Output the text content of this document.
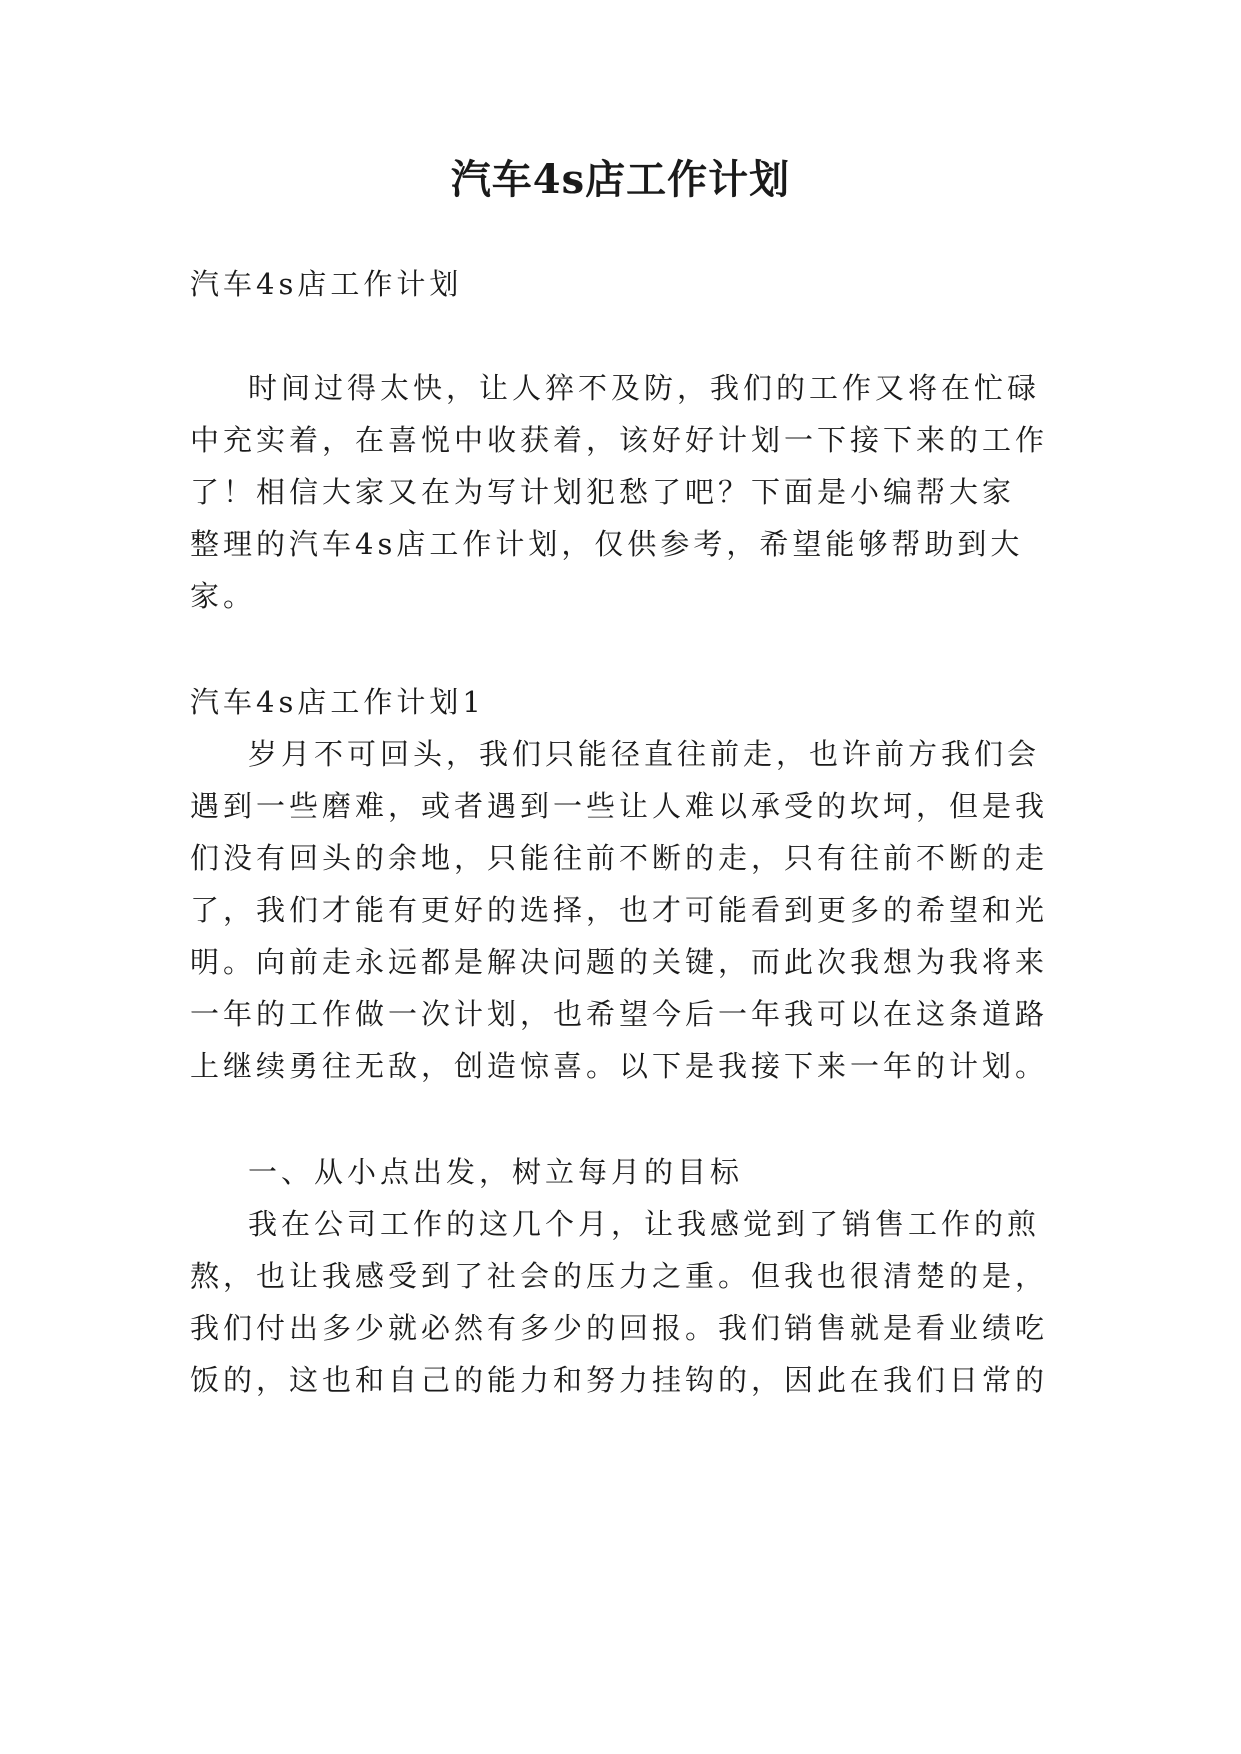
汽车4s店工作计划
汽车4s店工作计划
时间过得太快，让人猝不及防，我们的工作又将在忙碌
中充实着，在喜悦中收获着，该好好计划一下接下来的工作
了！相信大家又在为写计划犯愁了吧？下面是小编帮大家
整理的汽车4s店工作计划，仅供参考，希望能够帮助到大
家。
汽车4s店工作计划1
岁月不可回头，我们只能径直往前走，也许前方我们会
遇到一些磨难，或者遇到一些让人难以承受的坎坷，但是我
们没有回头的余地，只能往前不断的走，只有往前不断的走
了，我们才能有更好的选择，也才可能看到更多的希望和光
明。向前走永远都是解决问题的关键，而此次我想为我将来
一年的工作做一次计划，也希望今后一年我可以在这条道路
上继续勇往无敌，创造惊喜。以下是我接下来一年的计划。
一、从小点出发，树立每月的目标
我在公司工作的这几个月，让我感觉到了销售工作的煎
熬，也让我感受到了社会的压力之重。但我也很清楚的是，
我们付出多少就必然有多少的回报。我们销售就是看业绩吃
饭的，这也和自己的能力和努力挂钩的，因此在我们日常的
